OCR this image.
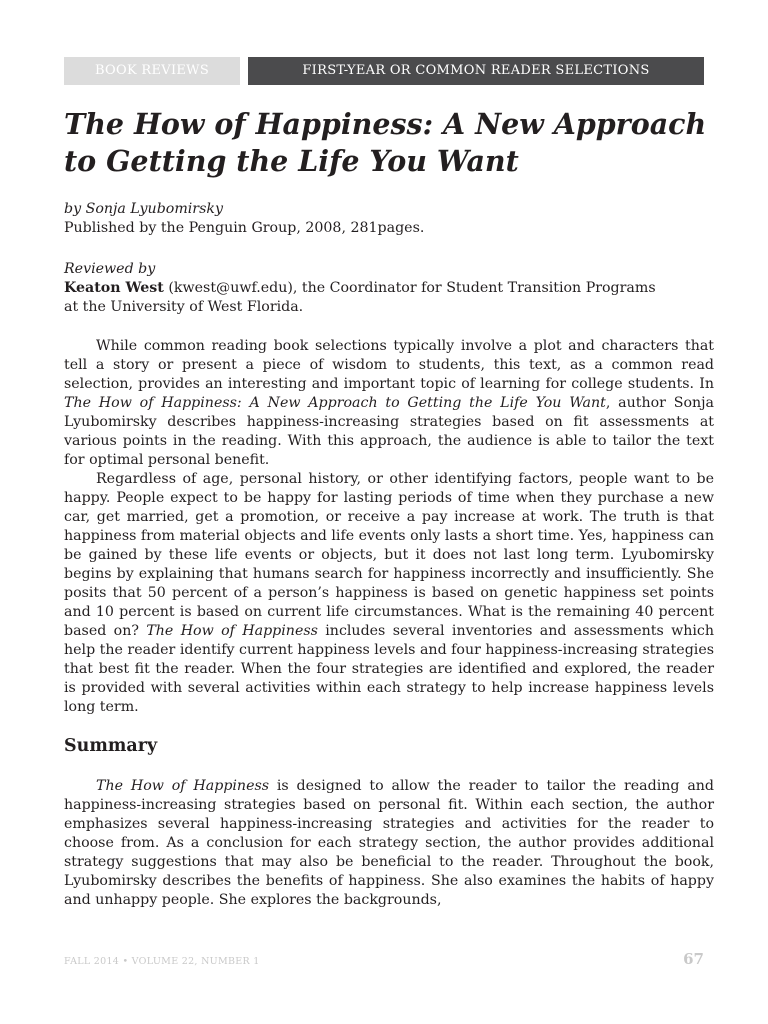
BOOK REVIEWS	FIRST-YEAR OR COMMON READER SELECTIONS
The How of Happiness: A New Approach
to Getting the Life You Want
by Sonja Lyubomirsky
Published by the Penguin Group, 2008, 281pages.
Reviewed by
Keaton West (kwest@uwf.edu), the Coordinator for Student Transition Programs
at the University of West Florida.

While common reading book selections typically involve a plot and characters that tell a story or present a piece of wisdom to students, this text, as a common read selection, provides an interesting and important topic of learning for college students. In The How of Happiness: A New Approach to Getting the Life You Want, author Sonja Lyubomirsky describes happiness-increasing strategies based on fit assessments at various points in the reading. With this approach, the audience is able to tailor the text for optimal personal benefit.

Regardless of age, personal history, or other identifying factors, people want to be happy. People expect to be happy for lasting periods of time when they purchase a new car, get married, get a promotion, or receive a pay increase at work. The truth is that happiness from material objects and life events only lasts a short time. Yes, happiness can be gained by these life events or objects, but it does not last long term. Lyubomirsky begins by explaining that humans search for happiness incorrectly and insufficiently. She posits that 50 percent of a person’s happiness is based on genetic happiness set points and 10 percent is based on current life circumstances. What is the remaining 40 percent based on? The How of Happiness includes several inventories and assessments which help the reader identify current happiness levels and four happiness-increasing strategies that best fit the reader. When the four strategies are identified and explored, the reader is provided with several activities within each strategy to help increase happiness levels long term.

Summary

The How of Happiness is designed to allow the reader to tailor the reading and happiness-increasing strategies based on personal fit. Within each section, the author emphasizes several happiness-increasing strategies and activities for the reader to choose from. As a conclusion for each strategy section, the author provides additional strategy suggestions that may also be beneficial to the reader. Throughout the book, Lyubomirsky describes the benefits of happiness. She also examines the habits of happy and unhappy people. She explores the backgrounds,

FALL 2014 • VOLUME 22, NUMBER 1	67
